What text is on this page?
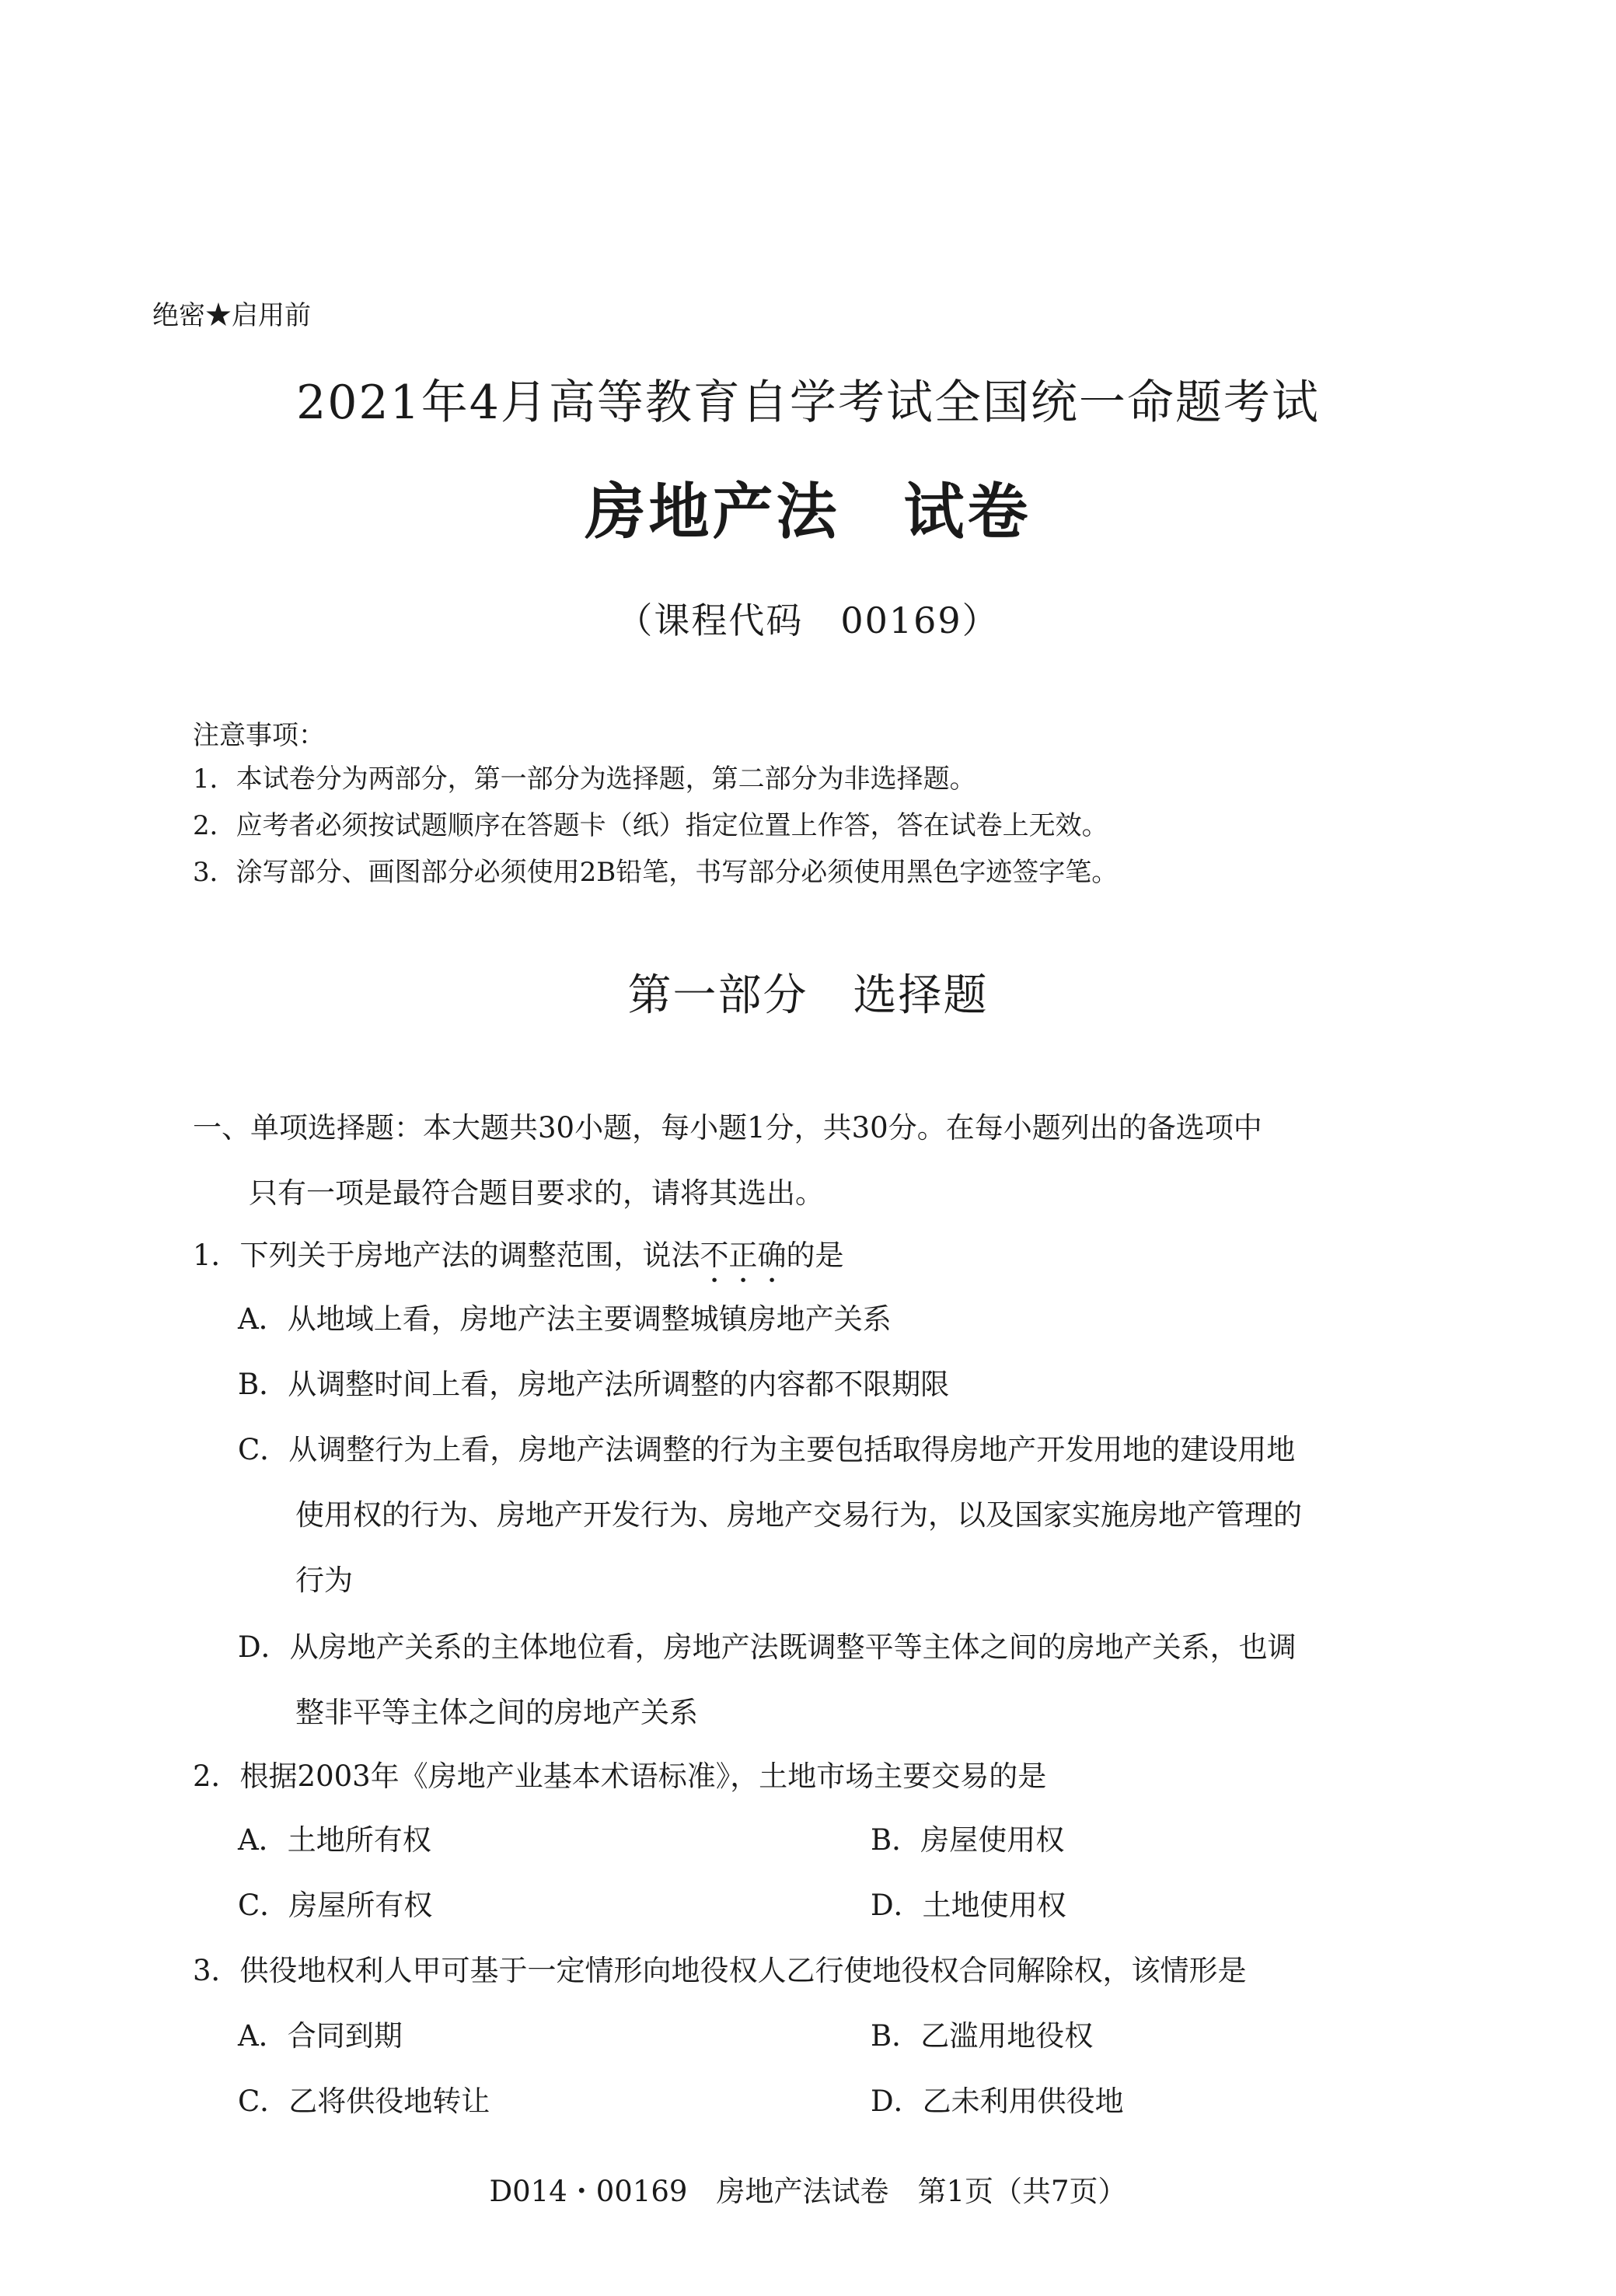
绝密★启用前
2021年4月高等教育自学考试全国统一命题考试
房地产法　试卷
（课程代码　00169）
注意事项：
1．本试卷分为两部分，第一部分为选择题，第二部分为非选择题。
2．应考者必须按试题顺序在答题卡（纸）指定位置上作答，答在试卷上无效。
3．涂写部分、画图部分必须使用2B铅笔，书写部分必须使用黑色字迹签字笔。
第一部分　选择题
一、单项选择题：本大题共30小题，每小题1分，共30分。在每小题列出的备选项中
只有一项是最符合题目要求的，请将其选出。
1．下列关于房地产法的调整范围，说法不正确的是
A．从地域上看，房地产法主要调整城镇房地产关系
B．从调整时间上看，房地产法所调整的内容都不限期限
C．从调整行为上看，房地产法调整的行为主要包括取得房地产开发用地的建设用地
使用权的行为、房地产开发行为、房地产交易行为，以及国家实施房地产管理的
行为
D．从房地产关系的主体地位看，房地产法既调整平等主体之间的房地产关系，也调
整非平等主体之间的房地产关系
2．根据2003年《房地产业基本术语标准》，土地市场主要交易的是
A．土地所有权	B．房屋使用权
C．房屋所有权	D．土地使用权
3．供役地权利人甲可基于一定情形向地役权人乙行使地役权合同解除权，该情形是
A．合同到期	B．乙滥用地役权
C．乙将供役地转让	D．乙未利用供役地
D014・00169　房地产法试卷　第1页（共7页）
